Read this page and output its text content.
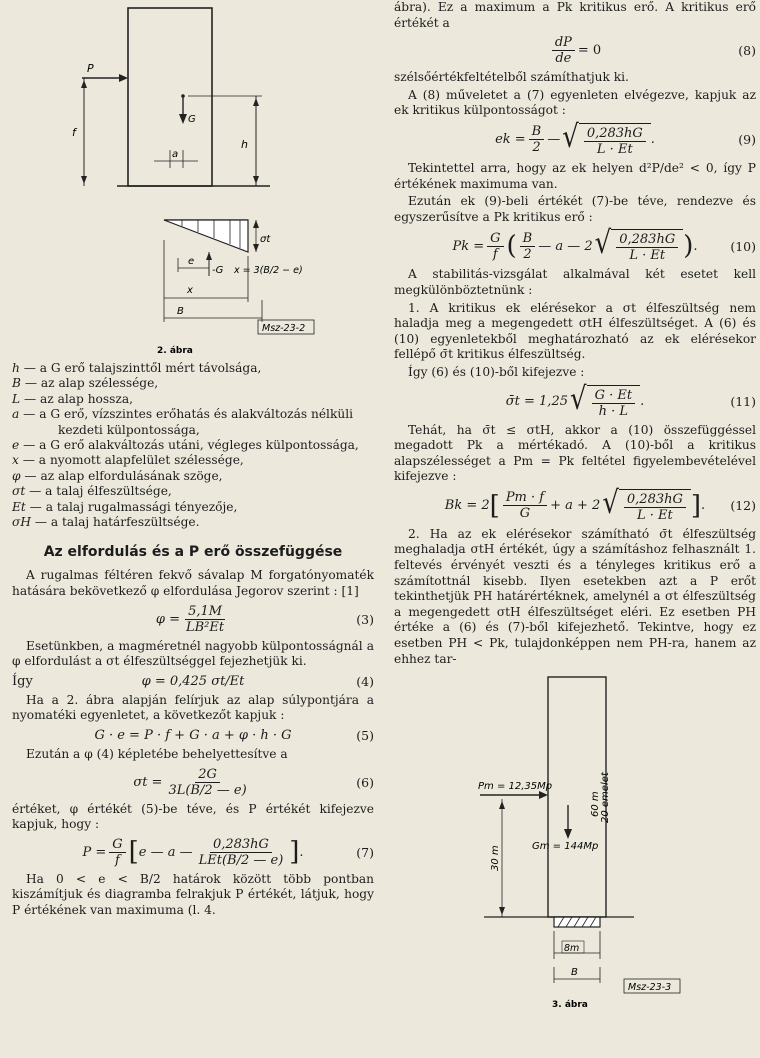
P
f
G
h
a
σt
-G x = 3(B/2 − e)
e
x
B
Msz-23-2
2. ábra
h — a G erő talajszinttől mért távolsága,
B — az alap szélessége,
L — az alap hossza,
a — a G erő, vízszintes erőhatás és alakváltozás nélküli kezdeti külpontossága,
e — a G erő alakváltozás utáni, végleges külpontossága,
x — a nyomott alapfelület szélessége,
φ — az alap elfordulásának szöge,
σt — a talaj élfeszültsége,
Et — a talaj rugalmassági tényezője,
σH — a talaj határfeszültsége.
Az elfordulás és a P erő összefüggése

A rugalmas féltéren fekvő sávalap M forgatónyomaték hatására bekövetkező φ elfordulása Jegorov szerint : [1]

$\varphi = \frac{5,1M}{\text{LB²Et}}$	(3)

Esetünkben, a magméretnél nagyobb külpontosságnál a φ elfordulást a σt élfeszültséggel fejezhetjük ki.

Így	φ = 0,425 σt/Et	(4)

Ha a 2. ábra alapján felírjuk az alap súlypontjára a nyomatéki egyenletet, a következőt kapjuk :

G · e = P · f + G · a + φ · h · G	(5)

Ezután a φ (4) képletébe behelyettesítve a

$\sigma t = \frac{2G}{3L(B/2 — e)}$	(6)

értéket, φ értékét (5)-be téve, és P értékét kifejezve kapjuk, hogy :

$P = \frac{G}{f}$ [ e — a — $\frac{0,283hG}{\text{LEt(B/2 — e)}}$ ] .	(7)

Ha 0 < e < B/2 határok között több pontban kiszámítjuk és diagramba felrakjuk P értékét, látjuk, hogy P értékének van maximuma (l. 4.

ábra). Ez a maximum a Pk kritikus erő. A kritikus erő értékét a

$\frac{dP}{de} = 0$	(8)

szélsőértékfeltételből számíthatjuk ki.

A (8) műveletet a (7) egyenleten elvégezve, kapjuk az ek kritikus külpontosságot :

ek = $\frac{B}{2}$ — √ $\frac{0,283hG}{L \cdot Et}$ .	(9)

Tekintettel arra, hogy az ek helyen d²P/de² < 0, így P értékének maximuma van.

Ezután ek (9)-beli értékét (7)-be téve, rendezve és egyszerűsítve a Pk kritikus erő :

$Pk = \frac{G}{f}$ ( $\frac{B}{2}$ — a — 2 √ $\frac{0,283hG}{L \cdot Et}$ ) .	(10)

A stabilitás-vizsgálat alkalmával két esetet kell megkülönböztetnünk :

1. A kritikus ek elérésekor a σt élfeszültség nem haladja meg a megengedett σtH élfeszültséget. A (6) és (10) egyenletekből meghatározható az ek elérésekor fellépő σ̄t kritikus élfeszültség.

Így (6) és (10)-ből kifejezve :

σ̄t = 1,25 √ $\frac{G \cdot Et}{h \cdot L}$ .	(11)

Tehát, ha σ̄t ≤ σtH, akkor a (10) összefüggéssel megadott Pk a mértékadó. A (10)-ből a kritikus alapszélességet a Pm = Pk feltétel figyelembevételével kifejezve :

Bk = 2 [ $\frac{Pm \cdot f}{G} + a + 2$ √ $\frac{0,283hG}{L \cdot Et}$ ] . (12)

2. Ha az ek elérésekor számítható σ̄t élfeszültség meghaladja σtH értékét, úgy a számításhoz felhasznált 1. feltevés érvényét veszti és a tényleges kritikus erő a számítottnál kisebb. Ilyen esetekben azt a P erőt tekinthetjük PH határértéknek, amelynél a σt élfeszültség a megengedett σtH élfeszültséget eléri. Ez esetben PH értéke a (6) és (7)-ből kifejezhető. Tekintve, hogy ez esetben PH < Pk, tulajdonképpen nem PH-ra, hanem az ehhez tar-

Pm = 12,35Mp
Gm = 144Mp
30 m
60 m 20 emelet
8m
B
Msz-23-3
3. ábra
